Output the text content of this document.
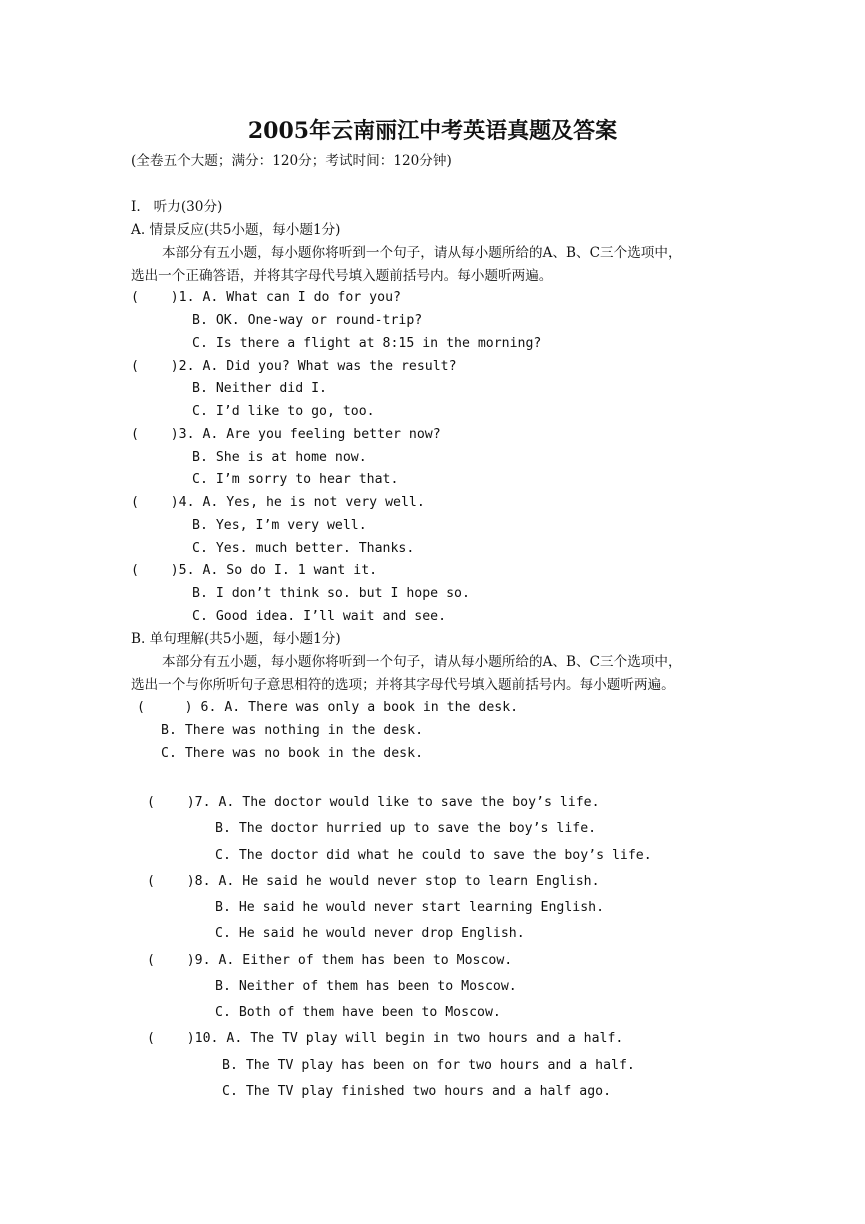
2005年云南丽江中考英语真题及答案
(全卷五个大题；满分：120分；考试时间：120分钟)
I.   听力(30分)
A. 情景反应(共5小题，每小题1分)
本部分有五小题，每小题你将听到一个句子，请从每小题所给的A、B、C三个选项中，
选出一个正确答语，并将其字母代号填入题前括号内。每小题听两遍。
(    )1. A. What can I do for you?
B. OK. One-way or round-trip?
C. Is there a flight at 8:15 in the morning?
(    )2. A. Did you? What was the result?
B. Neither did I.
C. I’d like to go, too.
(    )3. A. Are you feeling better now?
B. She is at home now.
C. I’m sorry to hear that.
(    )4. A. Yes, he is not very well.
B. Yes, I’m very well.
C. Yes. much better. Thanks.
(    )5. A. So do I. 1 want it.
B. I don’t think so. but I hope so.
C. Good idea. I’ll wait and see.
B. 单句理解(共5小题，每小题1分)
本部分有五小题，每小题你将听到一个句子，请从每小题所给的A、B、C三个选项中，
选出一个与你所听句子意思相符的选项；并将其字母代号填入题前括号内。每小题听两遍。
(     ) 6. A. There was only a book in the desk.
B. There was nothing in the desk.
C. There was no book in the desk.
(    )7. A. The doctor would like to save the boy’s life.
B. The doctor hurried up to save the boy’s life.
C. The doctor did what he could to save the boy’s life.
(    )8. A. He said he would never stop to learn English.
B. He said he would never start learning English.
C. He said he would never drop English.
(    )9. A. Either of them has been to Moscow.
B. Neither of them has been to Moscow.
C. Both of them have been to Moscow.
(    )10. A. The TV play will begin in two hours and a half.
B. The TV play has been on for two hours and a half.
C. The TV play finished two hours and a half ago.
